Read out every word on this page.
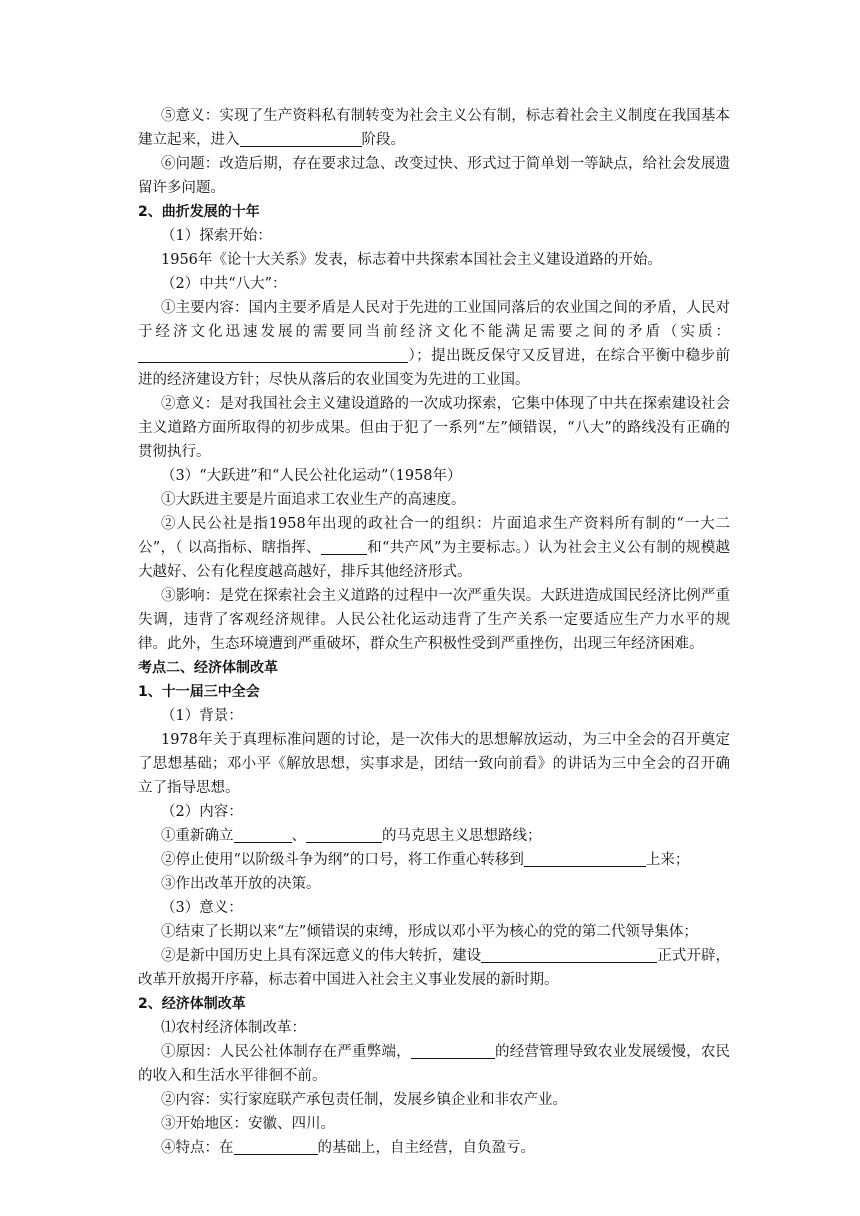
⑤意义：实现了生产资料私有制转变为社会主义公有制，标志着社会主义制度在我国基本建立起来，进入	阶段。

⑥问题：改造后期，存在要求过急、改变过快、形式过于简单划一等缺点，给社会发展遗留许多问题。

2、曲折发展的十年

（1）探索开始：

1956年《论十大关系》发表，标志着中共探索本国社会主义建设道路的开始。

（2）中共“八大”：

①主要内容：国内主要矛盾是人民对于先进的工业国同落后的农业国之间的矛盾，人民对于经济文化迅速发展的需要同当前经济文化不能满足需要之间的矛盾（实质：）；提出既反保守又反冒进，在综合平衡中稳步前进的经济建设方针；尽快从落后的农业国变为先进的工业国。

②意义：是对我国社会主义建设道路的一次成功探索，它集中体现了中共在探索建设社会主义道路方面所取得的初步成果。但由于犯了一系列“左”倾错误，“八大”的路线没有正确的贯彻执行。

（3）“大跃进”和“人民公社化运动”（1958年）

①大跃进主要是片面追求工农业生产的高速度。

②人民公社是指1958年出现的政社合一的组织：片面追求生产资料所有制的“一大二公”，（ 以高指标、瞎指挥、	和“共产风”为主要标志。）认为社会主义公有制的规模越大越好、公有化程度越高越好，排斥其他经济形式。

③影响：是党在探索社会主义道路的过程中一次严重失误。大跃进造成国民经济比例严重失调，违背了客观经济规律。人民公社化运动违背了生产关系一定要适应生产力水平的规律。此外，生态环境遭到严重破坏，群众生产积极性受到严重挫伤，出现三年经济困难。

考点二、经济体制改革

1、十一届三中全会

（1）背景：

1978年关于真理标准问题的讨论，是一次伟大的思想解放运动，为三中全会的召开奠定了思想基础；邓小平《解放思想，实事求是，团结一致向前看》的讲话为三中全会的召开确立了指导思想。

（2）内容：

①重新确立	、	的马克思主义思想路线；

②停止使用“以阶级斗争为纲”的口号，将工作重心转移到	上来；

③作出改革开放的决策。

（3）意义：

①结束了长期以来“左”倾错误的束缚，形成以邓小平为核心的党的第二代领导集体；

②是新中国历史上具有深远意义的伟大转折，建设	正式开辟，改革开放揭开序幕，标志着中国进入社会主义事业发展的新时期。

2、经济体制改革

⑴农村经济体制改革：

①原因：人民公社体制存在严重弊端，	的经营管理导致农业发展缓慢，农民的收入和生活水平徘徊不前。

②内容：实行家庭联产承包责任制，发展乡镇企业和非农产业。

③开始地区：安徽、四川。

④特点：在	的基础上，自主经营，自负盈亏。
